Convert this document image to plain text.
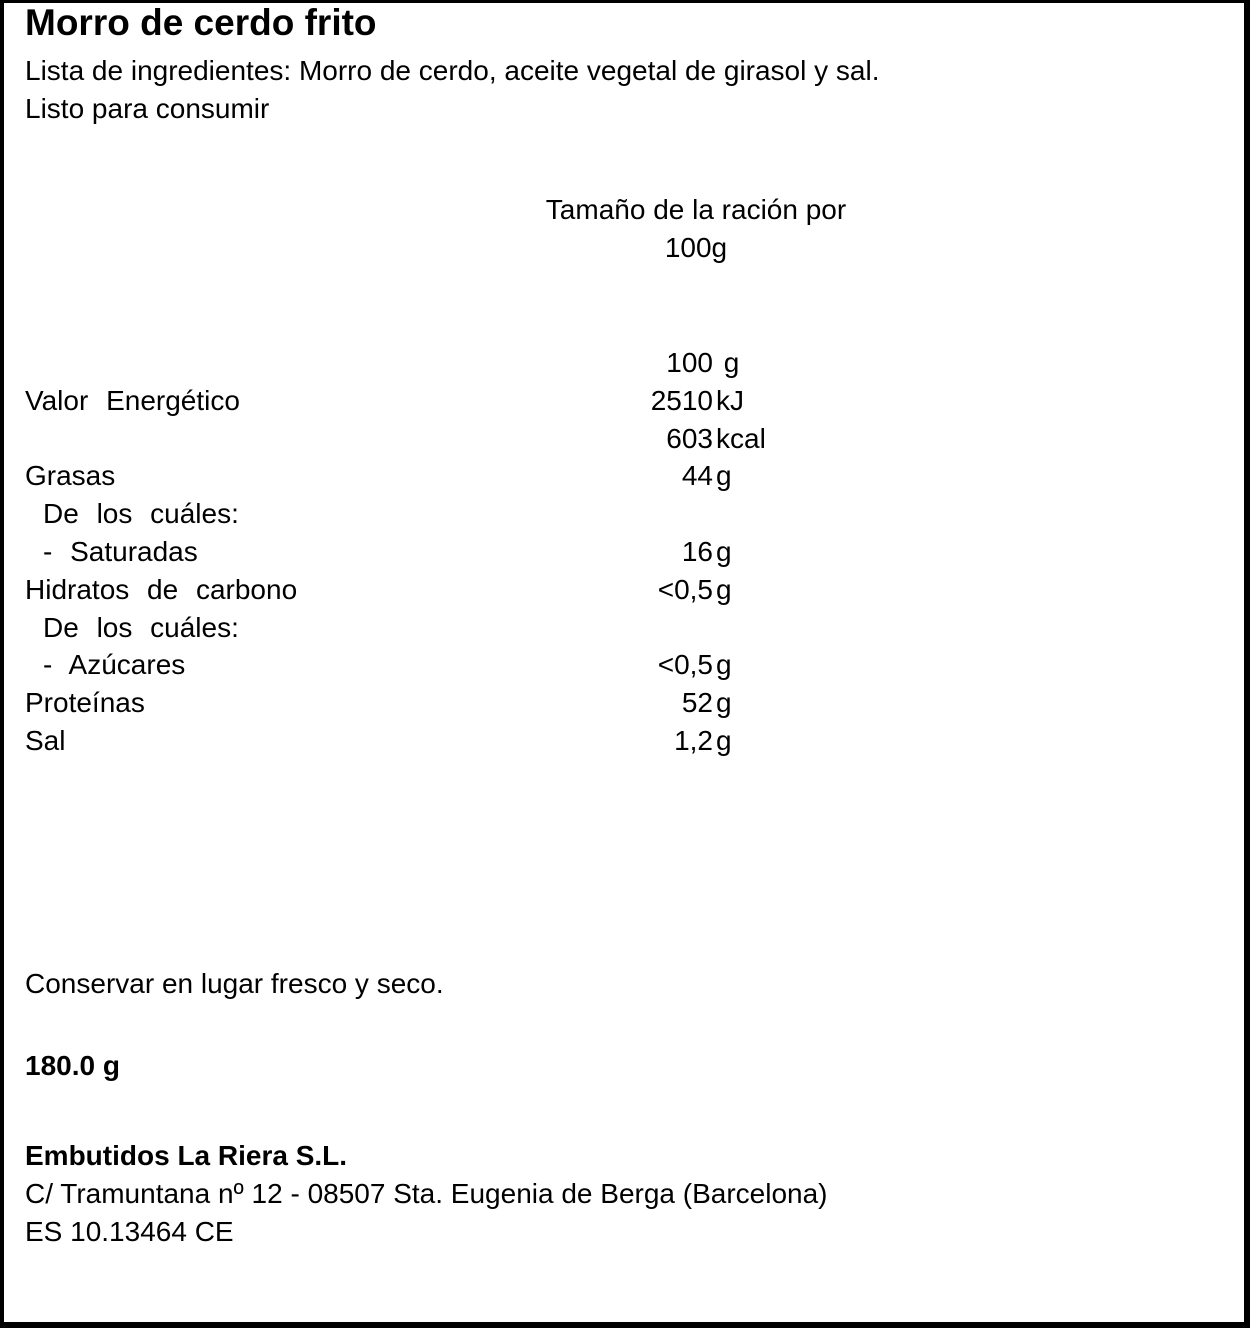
Morro de cerdo frito
Lista de ingredientes: Morro de cerdo, aceite vegetal de girasol y sal.
Listo para consumir
Tamaño de la ración por
100g
100 g
Valor Energético	2510 kJ
603 kcal
Grasas	44 g
De los cuáles:
- Saturadas	16 g
Hidratos de carbono	<0,5 g
De los cuáles:
- Azúcares	<0,5 g
Proteínas	52 g
Sal	1,2 g
Conservar en lugar fresco y seco.
180.0 g
Embutidos La Riera S.L.
C/ Tramuntana nº 12 - 08507 Sta. Eugenia de Berga (Barcelona)
ES 10.13464 CE
